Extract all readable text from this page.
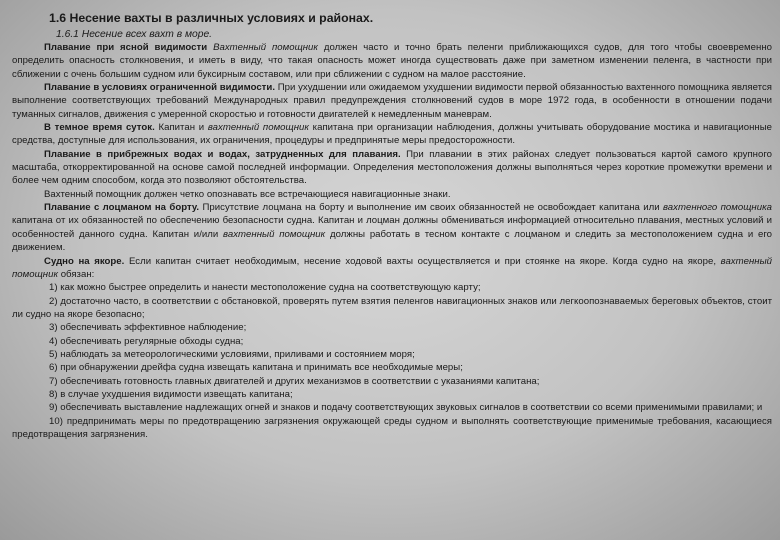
1.6 Несение вахты в различных условиях и районах.
1.6.1 Несение всех вахт в море.

Плавание при ясной видимости Вахтенный помощник должен часто и точно брать пеленги приближающихся судов, для того чтобы своевременно определить опасность столкновения, и иметь в виду, что такая опасность может иногда существовать даже при заметном изменении пеленга, в частности при сближении с очень большим судном или буксирным составом, или при сближении с судном на малое расстояние.

Плавание в условиях ограниченной видимости. При ухудшении или ожидаемом ухудшении видимости первой обязанностью вахтенного помощника является выполнение соответствующих требований Международных правил предупреждения столкновений судов в море 1972 года, в особенности в отношении подачи туманных сигналов, движения с умеренной скоростью и готовности двигателей к немедленным маневрам.

В темное время суток. Капитан и вахтенный помощник капитана при организации наблюдения, должны учитывать оборудование мостика и навигационные средства, доступные для использования, их ограничения, процедуры и предпринятые меры предосторожности.

Плавание в прибрежных водах и водах, затрудненных для плавания. При плавании в этих районах следует пользоваться картой самого крупного масштаба, откорректированной на основе самой последней информации. Определения местоположения должны выполняться через короткие промежутки времени и более чем одним способом, когда это позволяют обстоятельства.

Вахтенный помощник должен четко опознавать все встречающиеся навигационные знаки.

Плавание с лоцманом на борту. Присутствие лоцмана на борту и выполнение им своих обязанностей не освобождает капитана или вахтенного помощника капитана от их обязанностей по обеспечению безопасности судна. Капитан и лоцман должны обмениваться информацией относительно плавания, местных условий и особенностей данного судна. Капитан и/или вахтенный помощник должны работать в тесном контакте с лоцманом и следить за местоположением судна и его движением.

Судно на якоре. Если капитан считает необходимым, несение ходовой вахты осуществляется и при стоянке на якоре. Когда судно на якоре, вахтенный помощник обязан:

1) как можно быстрее определить и нанести местоположение судна на соответствующую карту;

2) достаточно часто, в соответствии с обстановкой, проверять путем взятия пеленгов навигационных знаков или легкоопознаваемых береговых объектов, стоит ли судно на якоре безопасно;

3) обеспечивать эффективное наблюдение;

4) обеспечивать регулярные обходы судна;

5) наблюдать за метеорологическими условиями, приливами и состоянием моря;

6) при обнаружении дрейфа судна извещать капитана и принимать все необходимые меры;

7) обеспечивать готовность главных двигателей и других механизмов в соответствии с указаниями капитана;

8) в случае ухудшения видимости извещать капитана;

9) обеспечивать выставление надлежащих огней и знаков и подачу соответствующих звуковых сигналов в соответствии со всеми применимыми правилами; и

10) предпринимать меры по предотвращению загрязнения окружающей среды судном и выполнять соответствующие применимые требования, касающиеся предотвращения загрязнения.
